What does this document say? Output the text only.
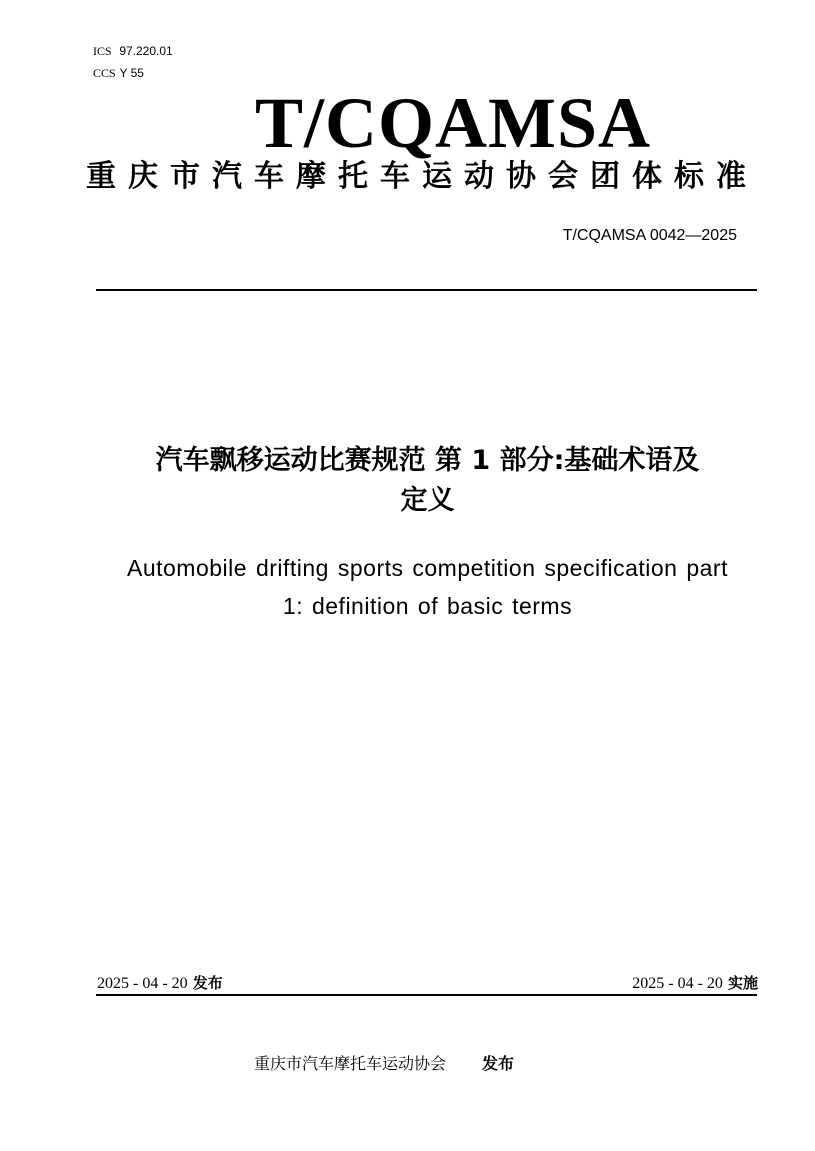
ICS 97.220.01
CCS Y 55
T/CQAMSA
重庆市汽车摩托车运动协会团体标准
T/CQAMSA 0042—2025
汽车飘移运动比赛规范 第 1 部分:基础术语及
定义
Automobile drifting sports competition specification part
1: definition of basic terms
2025 - 04 - 20 发布	2025 - 04 - 20 实施
重庆市汽车摩托车运动协会 发布
